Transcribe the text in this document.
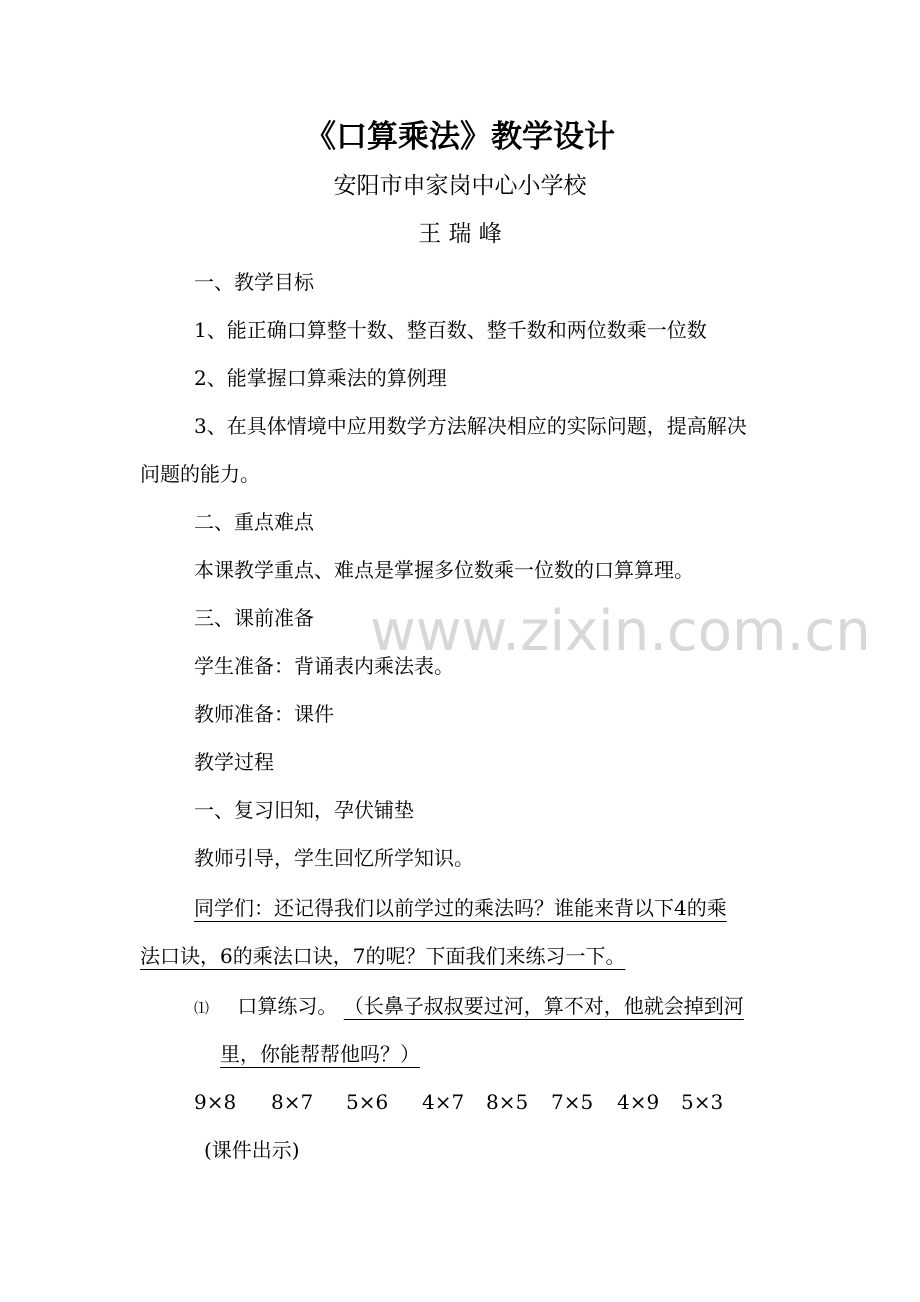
《口算乘法》教学设计
安阳市申家岗中心小学校
王 瑞 峰
一、教学目标
1、能正确口算整十数、整百数、整千数和两位数乘一位数
2、能掌握口算乘法的算例理
3、在具体情境中应用数学方法解决相应的实际问题，提高解决
问题的能力。
二、重点难点
本课教学重点、难点是掌握多位数乘一位数的口算算理。
三、课前准备
学生准备：背诵表内乘法表。
教师准备：课件
教学过程
一、复习旧知，孕伏铺垫
教师引导，学生回忆所学知识。
同学们：还记得我们以前学过的乘法吗？谁能来背以下4的乘
法口诀，6的乘法口诀，7的呢？下面我们来练习一下。
⑴ 口算练习。 （长鼻子叔叔要过河，算不对，他就会掉到河
里，你能帮帮他吗？）
9×8 8×7 5×6 4×7 8×5 7×5 4×9 5×3
(课件出示)
www.zixin.com.cn
